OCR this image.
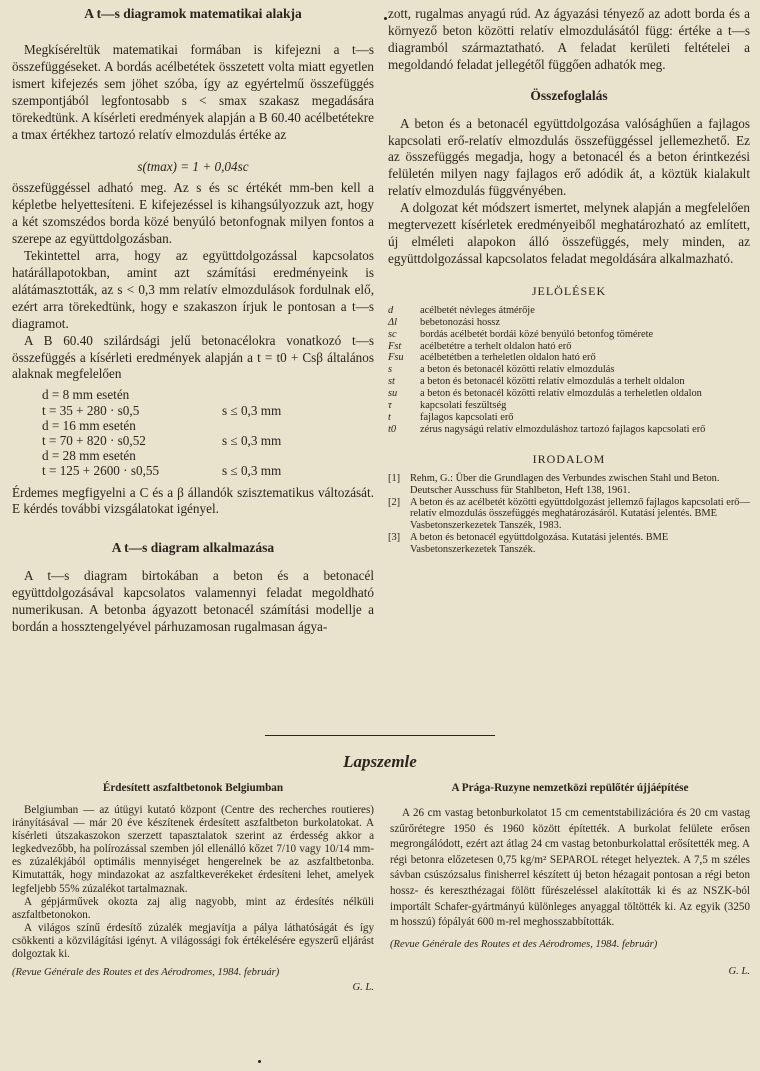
A t—s diagramok matematikai alakja

Megkíséreltük matematikai formában is kifejezni a t—s összefüggéseket. A bordás acélbetétek összetett volta miatt egyetlen ismert kifejezés sem jöhet szóba, így az egyértelmű összefüggés szempontjából legfontosabb s < smax szakasz megadására törekedtünk. A kísérleti eredmények alapján a B 60.40 acélbetétekre a tmax értékhez tartozó relatív elmozdulás értéke az

s(tmax) = 1 + 0,04sc

összefüggéssel adható meg. Az s és sc értékét mm-ben kell a képletbe helyettesíteni. E kifejezéssel is kihangsúlyozzuk azt, hogy a két szomszédos borda közé benyúló betonfognak milyen fontos a szerepe az együttdolgozásban.

Tekintettel arra, hogy az együttdolgozással kapcsolatos határállapotokban, amint azt számítási eredményeink is alátámasztották, az s < 0,3 mm relatív elmozdulások fordulnak elő, ezért arra törekedtünk, hogy e szakaszon írjuk le pontosan a t—s diagramot.

A B 60.40 szilárdsági jelű betonacélokra vonatkozó t—s összefüggés a kísérleti eredmények alapján a t = t0 + Csβ általános alaknak megfelelően

d = 8 mm esetén
t = 35 + 280 · s0,5	s ≤ 0,3 mm
d = 16 mm esetén
t = 70 + 820 · s0,52	s ≤ 0,3 mm
d = 28 mm esetén
t = 125 + 2600 · s0,55	s ≤ 0,3 mm

Érdemes megfigyelni a C és a β állandók szisztematikus változását. E kérdés további vizsgálatokat igényel.

A t—s diagram alkalmazása

A t—s diagram birtokában a beton és a betonacél együttdolgozásával kapcsolatos valamennyi feladat megoldható numerikusan. A betonba ágyazott betonacél számítási modellje a bordán a hossztengelyével párhuzamosan rugalmasan ágya-

zott, rugalmas anyagú rúd. Az ágyazási tényező az adott borda és a környező beton közötti relatív elmozdulásától függ: értéke a t—s diagramból származtatható. A feladat kerületi feltételei a megoldandó feladat jellegétől függően adhatók meg.

Összefoglalás

A beton és a betonacél együttdolgozása valósághűen a fajlagos kapcsolati erő-relatív elmozdulás összefüggéssel jellemezhető. Ez az összefüggés megadja, hogy a betonacél és a beton érintkezési felületén milyen nagy fajlagos erő adódik át, a köztük kialakult relatív elmozdulás függvényében.

A dolgozat két módszert ismertet, melynek alapján a megfelelően megtervezett kísérletek eredményeiből meghatározható az említett, új elméleti alapokon álló összefüggés, mely minden, az együttdolgozással kapcsolatos feladat megoldására alkalmazható.

JELÖLÉSEK

d	acélbetét névleges átmérője
Δl	bebetonozási hossz
sc	bordás acélbetét bordái közé benyúló betonfog tömérete
Fst	acélbetétre a terhelt oldalon ható erő
Fsu	acélbetétben a terheletlen oldalon ható erő
s	a beton és betonacél közötti relatív elmozdulás
st	a beton és betonacél közötti relatív elmozdulás a terhelt oldalon
su	a beton és betonacél közötti relatív elmozdulás a terheletlen oldalon
τ	kapcsolati feszültség
t	fajlagos kapcsolati erő
t0	zérus nagyságú relatív elmozduláshoz tartozó fajlagos kapcsolati erő

IRODALOM

[1] Rehm, G.: Über die Grundlagen des Verbundes zwischen Stahl und Beton. Deutscher Ausschuss für Stahlbeton, Heft 138, 1961.
[2] A beton és az acélbetét közötti együttdolgozást jellemző fajlagos kapcsolati erő—relatív elmozdulás összefüggés meghatározásáról. Kutatási jelentés. BME Vasbetonszerkezetek Tanszék, 1983.
[3] A beton és betonacél együttdolgozása. Kutatási jelentés. BME Vasbetonszerkezetek Tanszék.
Lapszemle

Érdesített aszfaltbetonok Belgiumban

Belgiumban — az útügyi kutató központ (Centre des recherches routieres) irányításával — már 20 éve készítenek érdesített aszfaltbeton burkolatokat. A kísérleti útszakaszokon szerzett tapasztalatok szerint az érdesség akkor a legkedvezőbb, ha polírozással szemben jól ellenálló kőzet 7/10 vagy 10/14 mm-es zúzalékjából optimális mennyiséget hengerelnek be az aszfaltbetonba. Kimutatták, hogy mindazokat az aszfaltkeverékeket érdesíteni lehet, amelyek legfeljebb 55% zúzalékot tartalmaznak.

A gépjárművek okozta zaj alig nagyobb, mint az érdesítés nélküli aszfaltbetonokon.

A világos színű érdesítő zúzalék megjavítja a pálya láthatóságát és így csökkenti a közvilágítási igényt. A világossági fok értékelésére egyszerű eljárást dolgoztak ki.

(Revue Générale des Routes et des Aérodromes, 1984. február)

G. L.

A Prága-Ruzyne nemzetközi repülőtér újjáépítése

A 26 cm vastag betonburkolatot 15 cm cementstabilizációra és 20 cm vastag szűrőrétegre 1950 és 1960 között építették. A burkolat felülete erősen megrongálódott, ezért azt átlag 24 cm vastag betonburkolattal erősítették meg. A régi betonra előzetesen 0,75 kg/m² SEPAROL réteget helyeztek. A 7,5 m széles sávban csúszózsalus finisherrel készített új beton hézagait pontosan a régi beton hossz- és kereszthézagai fölött fűrészeléssel alakították ki és az NSZK-ból importált Schafer-gyártmányú különleges anyaggal töltötték ki. Az egyik (3250 m hosszú) fópályát 600 m-rel meghosszabbították.

(Revue Générale des Routes et des Aérodromes, 1984. február)

G. L.
